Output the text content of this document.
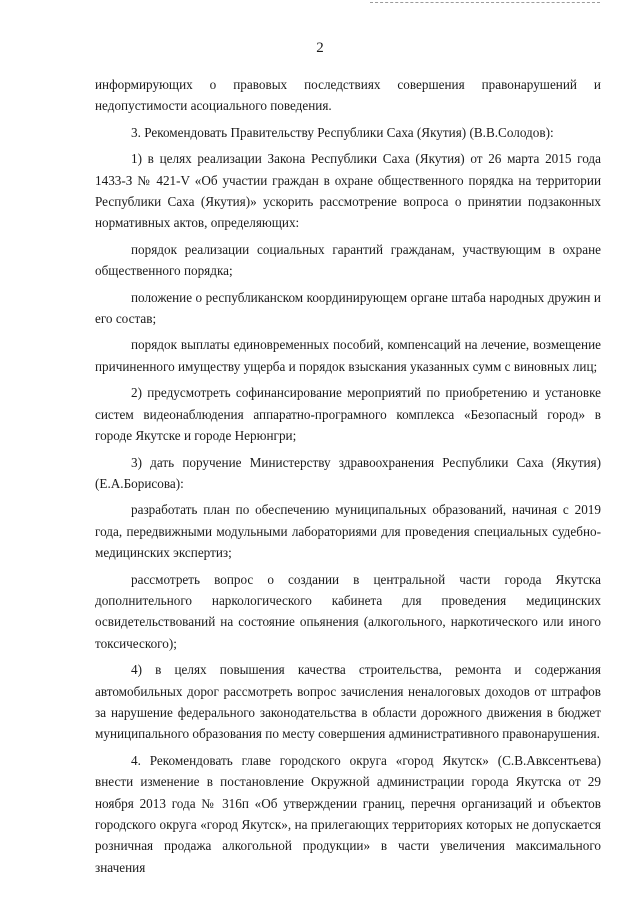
2

информирующих о правовых последствиях совершения правонарушений и недопустимости асоциального поведения.

3. Рекомендовать Правительству Республики Саха (Якутия) (В.В.Солодов):

1) в целях реализации Закона Республики Саха (Якутия) от 26 марта 2015 года 1433-З № 421-V «Об участии граждан в охране общественного порядка на территории Республики Саха (Якутия)» ускорить рассмотрение вопроса о принятии подзаконных нормативных актов, определяющих:

порядок реализации социальных гарантий гражданам, участвующим в охране общественного порядка;

положение о республиканском координирующем органе штаба народных дружин и его состав;

порядок выплаты единовременных пособий, компенсаций на лечение, возмещение причиненного имуществу ущерба и порядок взыскания указанных сумм с виновных лиц;

2) предусмотреть софинансирование мероприятий по приобретению и установке систем видеонаблюдения аппаратно-програмного комплекса «Безопасный город» в городе Якутске и городе Нерюнгри;

3) дать поручение Министерству здравоохранения Республики Саха (Якутия) (Е.А.Борисова):

разработать план по обеспечению муниципальных образований, начиная с 2019 года, передвижными модульными лабораториями для проведения специальных судебно-медицинских экспертиз;

рассмотреть вопрос о создании в центральной части города Якутска дополнительного наркологического кабинета для проведения медицинских освидетельствований на состояние опьянения (алкогольного, наркотического или иного токсического);

4) в целях повышения качества строительства, ремонта и содержания автомобильных дорог рассмотреть вопрос зачисления неналоговых доходов от штрафов за нарушение федерального законодательства в области дорожного движения в бюджет муниципального образования по месту совершения административного правонарушения.

4. Рекомендовать главе городского округа «город Якутск» (С.В.Авксентьева) внести изменение в постановление Окружной администрации города Якутска от 29 ноября 2013 года № 316п «Об утверждении границ, перечня организаций и объектов городского округа «город Якутск», на прилегающих территориях которых не допускается розничная продажа алкогольной продукции» в части увеличения максимального значения
